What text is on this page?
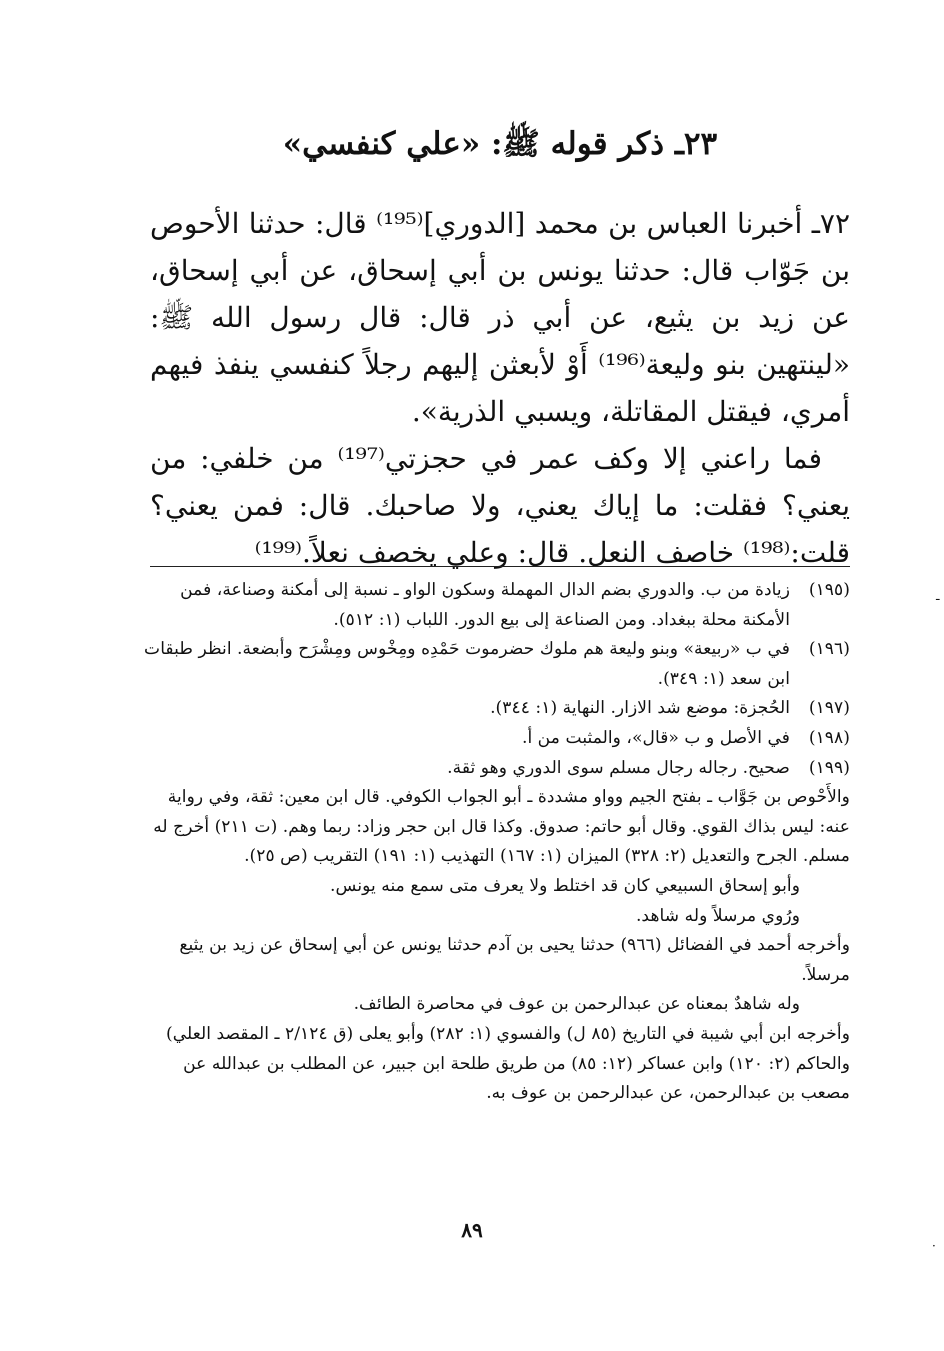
٢٣ـ ذكر قوله ﷺ: «علي كنفسي»

٧٢ـ أخبرنا العباس بن محمد [الدوري]⁽¹⁹⁵⁾ قال: حدثنا الأحوص بن جَوّاب قال: حدثنا يونس بن أبي إسحاق، عن أبي إسحاق، عن زيد بن يثيع، عن أبي ذر قال: قال رسول الله ﷺ: «لينتهين بنو وليعة⁽¹⁹⁶⁾ أَوْ لأبعثن إليهم رجلاً كنفسي ينفذ فيهم أمري، فيقتل المقاتلة، ويسبي الذرية».

فما راعني إلا وكف عمر في حجزتي⁽¹⁹⁷⁾ من خلفي: من يعني؟ فقلت: ما إياك يعني، ولا صاحبك. قال: فمن يعني؟ قلت:⁽¹⁹⁸⁾ خاصف النعل. قال: وعلي يخصف نعلاً.⁽¹⁹⁹⁾

(١٩٥)
زيادة من ب. والدوري بضم الدال المهملة وسكون الواو ـ نسبة إلى أمكنة وصناعة، فمن الأمكنة محلة ببغداد. ومن الصناعة إلى بيع الدور. اللباب (١: ٥١٢).
(١٩٦)
في ب «ربيعة» وبنو وليعة هم ملوك حضرموت حَمْدِه ومِخْوس ومِشْرَح وأبضعة. انظر طبقات ابن سعد (١: ٣٤٩).
(١٩٧)
الحُجزة: موضع شد الازار. النهاية (١: ٣٤٤).
(١٩٨)
في الأصل و ب «قال»، والمثبت من أ.
(١٩٩)
صحيح. رجاله رجال مسلم سوى الدوري وهو ثقة.
والأَحْوص بن جَوَّاب ـ بفتح الجيم وواو مشددة ـ أبو الجواب الكوفي. قال ابن معين: ثقة، وفي رواية عنه: ليس بذاك القوي. وقال أبو حاتم: صدوق. وكذا قال ابن حجر وزاد: ربما وهم. (ت ٢١١) أخرج له مسلم. الجرح والتعديل (٢: ٣٢٨) الميزان (١: ١٦٧) التهذيب (١: ١٩١) التقريب (ص ٢٥).
وأبو إسحاق السبيعي كان قد اختلط ولا يعرف متى سمع منه يونس.
ورُوي مرسلاً وله شاهد.
وأخرجه أحمد في الفضائل (٩٦٦) حدثنا يحيى بن آدم حدثنا يونس عن أبي إسحاق عن زيد بن يثيع مرسلاً.
وله شاهدٌ بمعناه عن عبدالرحمن بن عوف في محاصرة الطائف.
وأخرجه ابن أبي شيبة في التاريخ (٨٥ ل) والفسوي (١: ٢٨٢) وأبو يعلى (ق ٢/١٢٤ ـ المقصد العلي) والحاكم (٢: ١٢٠) وابن عساكر (١٢: ٨٥) من طريق طلحة ابن جبير، عن المطلب بن عبدالله عن مصعب بن عبدالرحمن، عن عبدالرحمن بن عوف به.
٨٩
ـ
·
